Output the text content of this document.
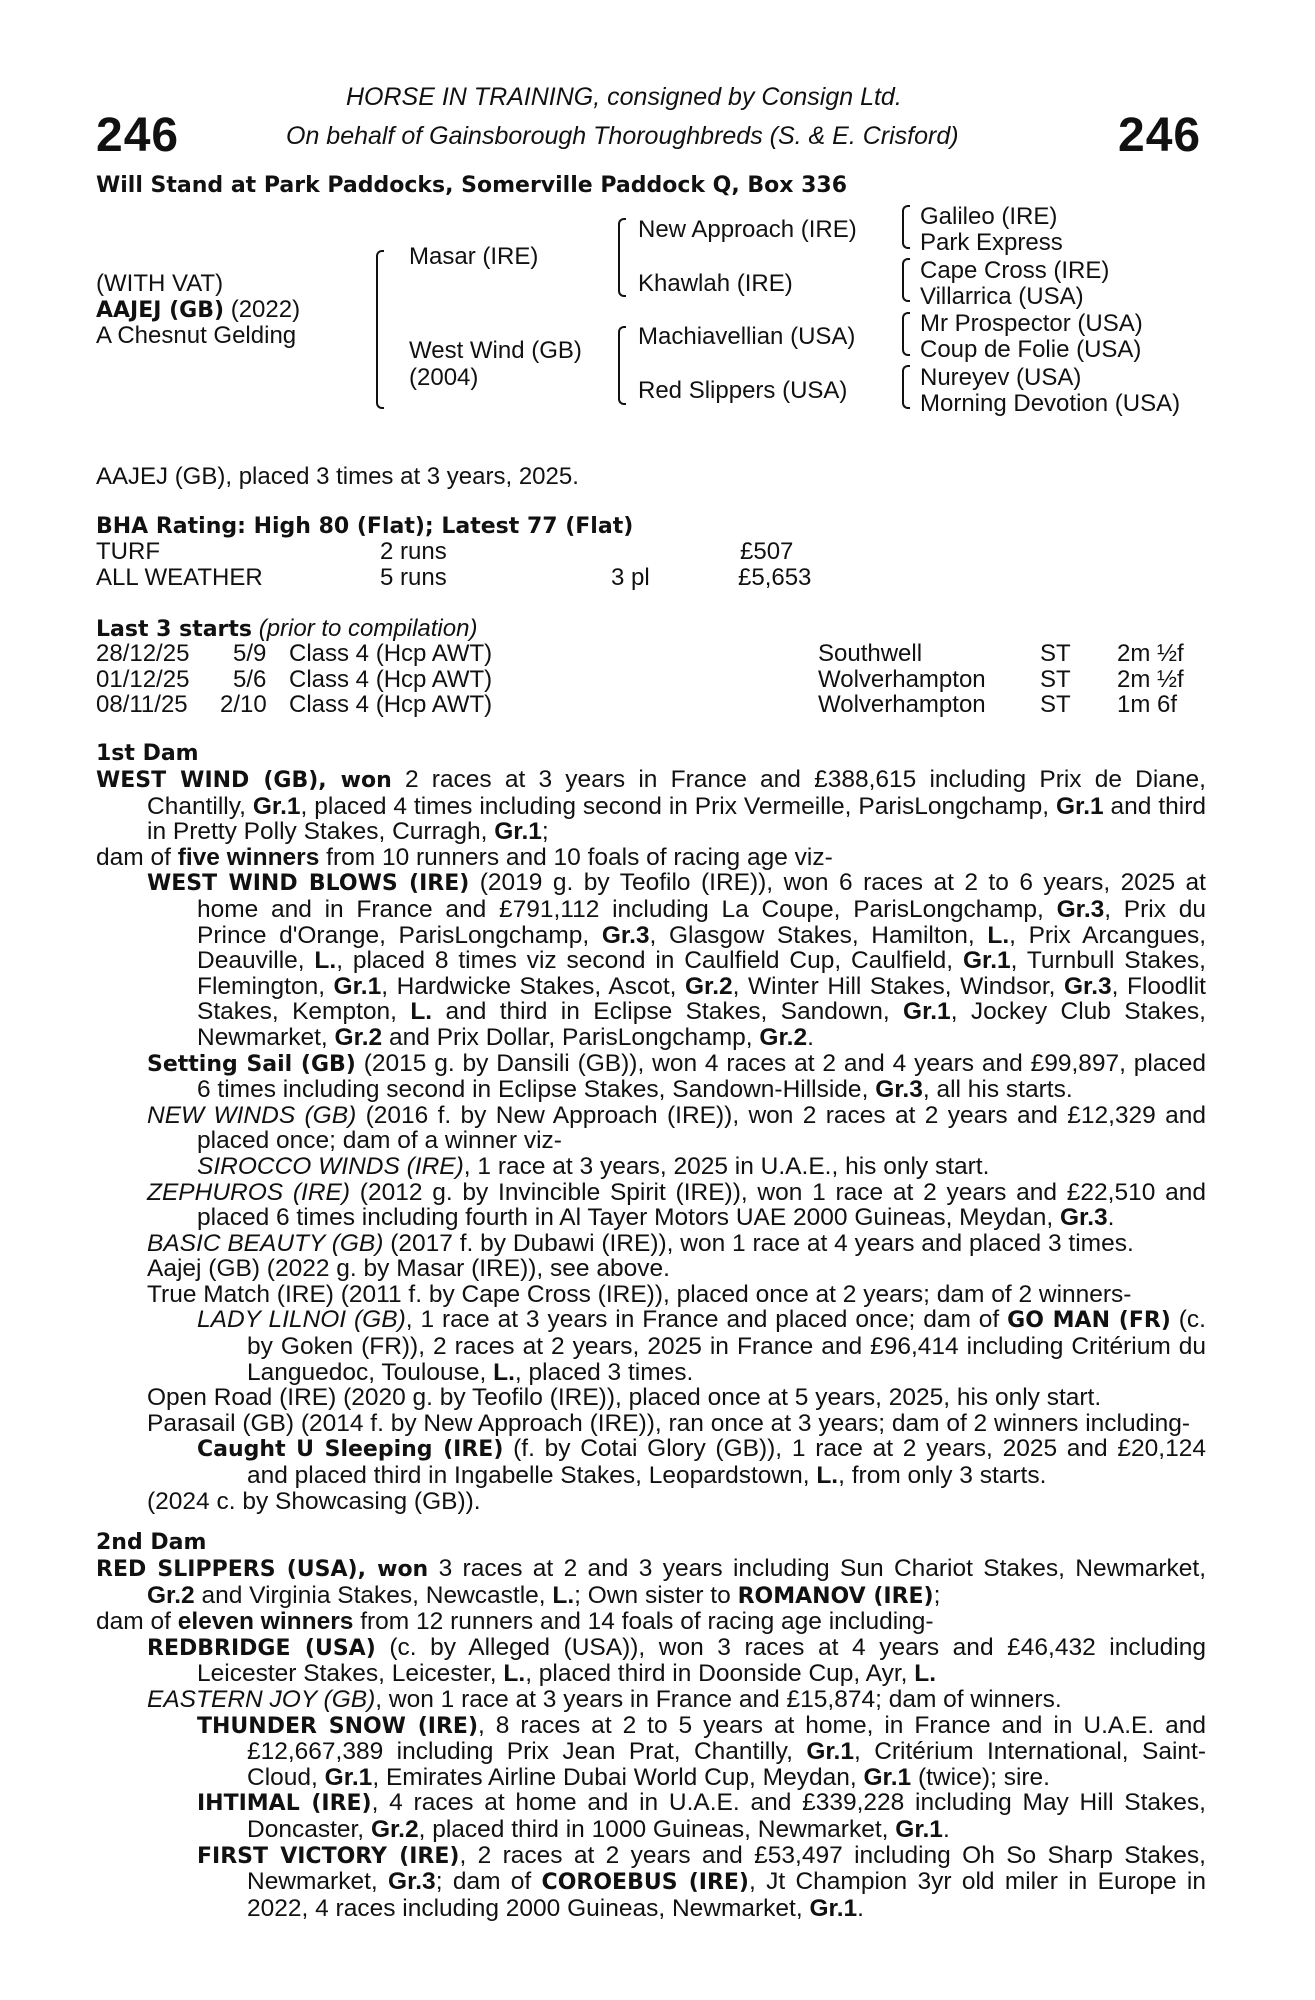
246	246
HORSE IN TRAINING, consigned by Consign Ltd.
On behalf of Gainsborough Thoroughbreds (S. & E. Crisford)
Will Stand at Park Paddocks, Somerville Paddock Q, Box 336
(WITH VAT)
AAJEJ (GB) (2022)
A Chesnut Gelding
Masar (IRE)
West Wind (GB)
(2004)
New Approach (IRE)
Khawlah (IRE)
Machiavellian (USA)
Red Slippers (USA)
Galileo (IRE)
Park Express
Cape Cross (IRE)
Villarrica (USA)
Mr Prospector (USA)
Coup de Folie (USA)
Nureyev (USA)
Morning Devotion (USA)
AAJEJ (GB), placed 3 times at 3 years, 2025.
BHA Rating: High 80 (Flat); Latest 77 (Flat)
TURF	2 runs	£507
ALL WEATHER	5 runs	3 pl	£5,653
Last 3 starts (prior to compilation)
28/12/25 5/9 Class 4 (Hcp AWT)	Southwell	ST 2m ½f
01/12/25 5/6 Class 4 (Hcp AWT)	Wolverhampton ST 2m ½f
08/11/25 2/10 Class 4 (Hcp AWT)	Wolverhampton ST 1m 6f
1st Dam

WEST WIND (GB), won 2 races at 3 years in France and £388,615 including Prix de Diane, Chantilly, Gr.1, placed 4 times including second in Prix Vermeille, ParisLongchamp, Gr.1 and third in Pretty Polly Stakes, Curragh, Gr.1;

dam of five winners from 10 runners and 10 foals of racing age viz-

WEST WIND BLOWS (IRE) (2019 g. by Teofilo (IRE)), won 6 races at 2 to 6 years, 2025 at home and in France and £791,112 including La Coupe, ParisLongchamp, Gr.3, Prix du Prince d'Orange, ParisLongchamp, Gr.3, Glasgow Stakes, Hamilton, L., Prix Arcangues, Deauville, L., placed 8 times viz second in Caulfield Cup, Caulfield, Gr.1, Turnbull Stakes, Flemington, Gr.1, Hardwicke Stakes, Ascot, Gr.2, Winter Hill Stakes, Windsor, Gr.3, Floodlit Stakes, Kempton, L. and third in Eclipse Stakes, Sandown, Gr.1, Jockey Club Stakes, Newmarket, Gr.2 and Prix Dollar, ParisLongchamp, Gr.2.

Setting Sail (GB) (2015 g. by Dansili (GB)), won 4 races at 2 and 4 years and £99,897, placed 6 times including second in Eclipse Stakes, Sandown-Hillside, Gr.3, all his starts.

NEW WINDS (GB) (2016 f. by New Approach (IRE)), won 2 races at 2 years and £12,329 and placed once; dam of a winner viz-

SIROCCO WINDS (IRE), 1 race at 3 years, 2025 in U.A.E., his only start.

ZEPHUROS (IRE) (2012 g. by Invincible Spirit (IRE)), won 1 race at 2 years and £22,510 and placed 6 times including fourth in Al Tayer Motors UAE 2000 Guineas, Meydan, Gr.3.

BASIC BEAUTY (GB) (2017 f. by Dubawi (IRE)), won 1 race at 4 years and placed 3 times.

Aajej (GB) (2022 g. by Masar (IRE)), see above.

True Match (IRE) (2011 f. by Cape Cross (IRE)), placed once at 2 years; dam of 2 winners-

LADY LILNOI (GB), 1 race at 3 years in France and placed once; dam of GO MAN (FR) (c. by Goken (FR)), 2 races at 2 years, 2025 in France and £96,414 including Critérium du Languedoc, Toulouse, L., placed 3 times.

Open Road (IRE) (2020 g. by Teofilo (IRE)), placed once at 5 years, 2025, his only start.

Parasail (GB) (2014 f. by New Approach (IRE)), ran once at 3 years; dam of 2 winners including-

Caught U Sleeping (IRE) (f. by Cotai Glory (GB)), 1 race at 2 years, 2025 and £20,124 and placed third in Ingabelle Stakes, Leopardstown, L., from only 3 starts.

(2024 c. by Showcasing (GB)).

2nd Dam

RED SLIPPERS (USA), won 3 races at 2 and 3 years including Sun Chariot Stakes, Newmarket, Gr.2 and Virginia Stakes, Newcastle, L.; Own sister to ROMANOV (IRE);

dam of eleven winners from 12 runners and 14 foals of racing age including-

REDBRIDGE (USA) (c. by Alleged (USA)), won 3 races at 4 years and £46,432 including Leicester Stakes, Leicester, L., placed third in Doonside Cup, Ayr, L.

EASTERN JOY (GB), won 1 race at 3 years in France and £15,874; dam of winners.

THUNDER SNOW (IRE), 8 races at 2 to 5 years at home, in France and in U.A.E. and £12,667,389 including Prix Jean Prat, Chantilly, Gr.1, Critérium International, Saint-Cloud, Gr.1, Emirates Airline Dubai World Cup, Meydan, Gr.1 (twice); sire.

IHTIMAL (IRE), 4 races at home and in U.A.E. and £339,228 including May Hill Stakes, Doncaster, Gr.2, placed third in 1000 Guineas, Newmarket, Gr.1.

FIRST VICTORY (IRE), 2 races at 2 years and £53,497 including Oh So Sharp Stakes, Newmarket, Gr.3; dam of COROEBUS (IRE), Jt Champion 3yr old miler in Europe in 2022, 4 races including 2000 Guineas, Newmarket, Gr.1.
